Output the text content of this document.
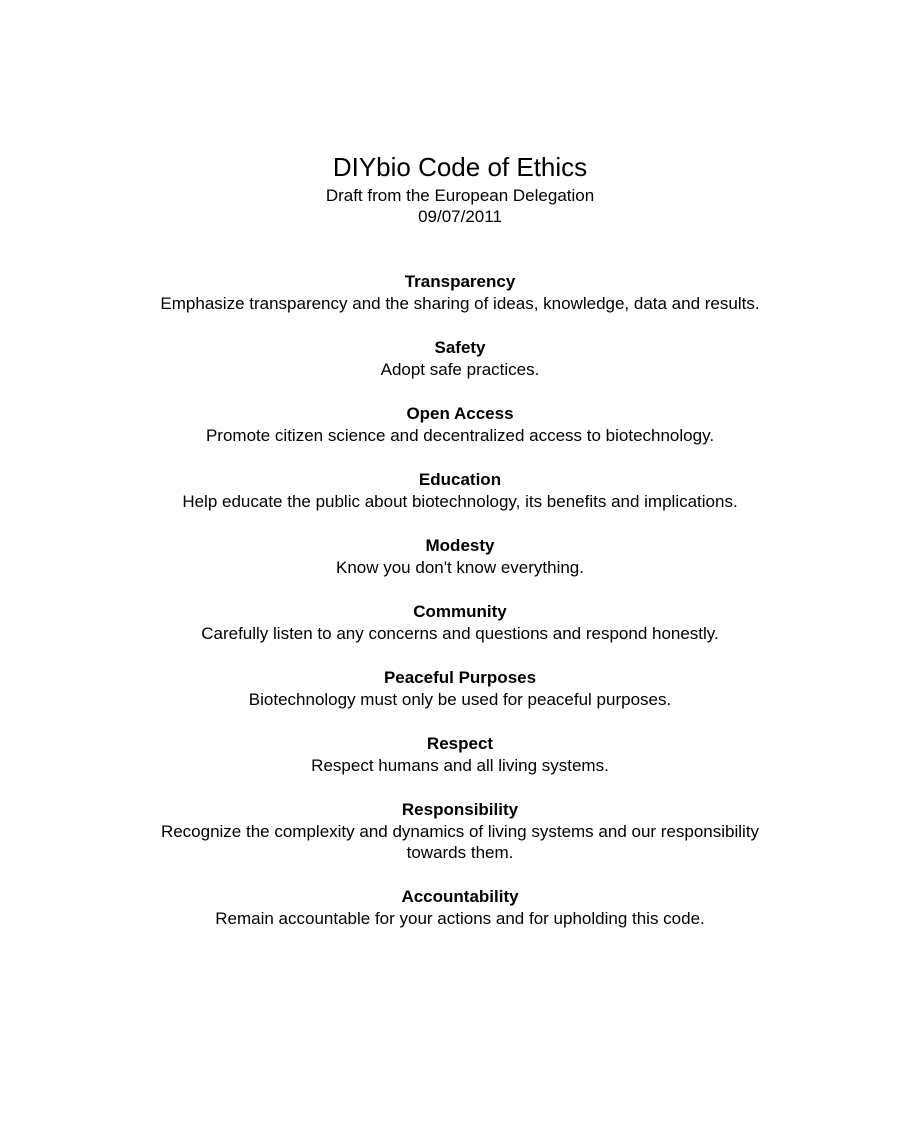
DIYbio Code of Ethics
Draft from the European Delegation
09/07/2011
Transparency
Emphasize transparency and the sharing of ideas, knowledge, data and results.
Safety
Adopt safe practices.
Open Access
Promote citizen science and decentralized access to biotechnology.
Education
Help educate the public about biotechnology, its benefits and implications.
Modesty
Know you don't know everything.
Community
Carefully listen to any concerns and questions and respond honestly.
Peaceful Purposes
Biotechnology must only be used for peaceful purposes.
Respect
Respect humans and all living systems.
Responsibility
Recognize the complexity and dynamics of living systems and our responsibility towards them.
Accountability
Remain accountable for your actions and for upholding this code.
